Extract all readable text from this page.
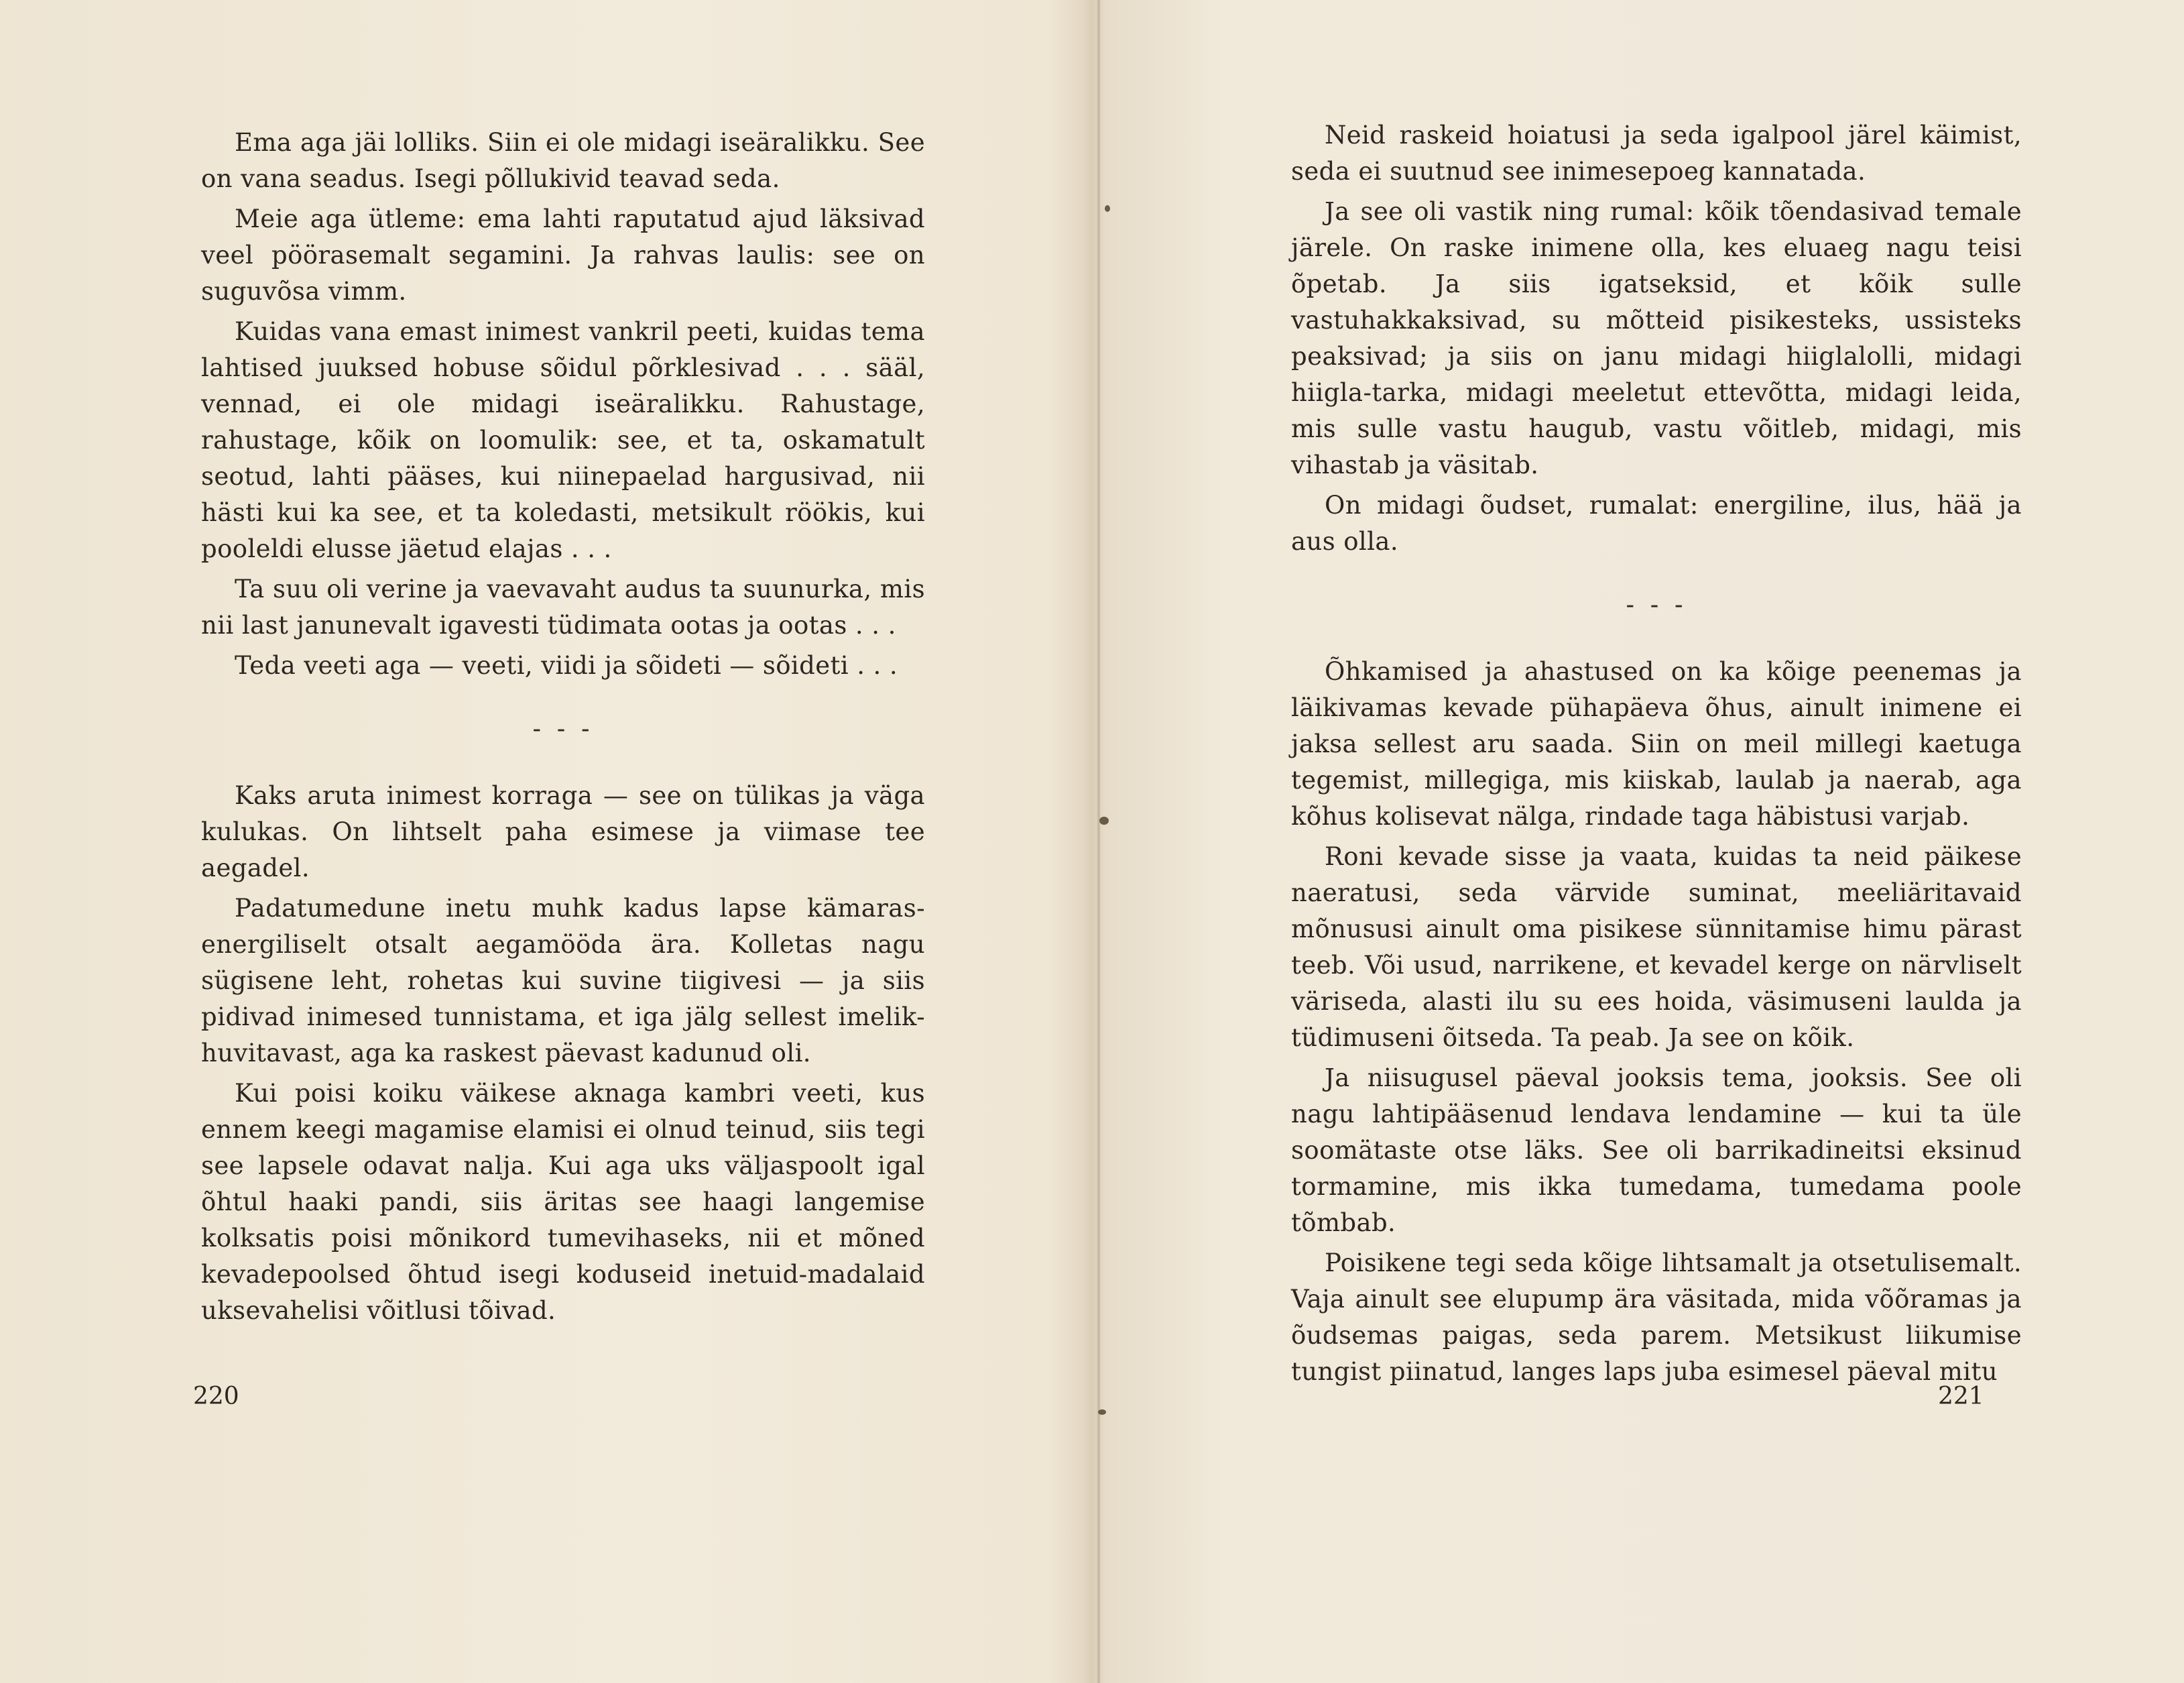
Ema aga jäi lolliks. Siin ei ole midagi iseäralikku. See on vana seadus. Isegi põllukivid teavad seda.

Meie aga ütleme: ema lahti raputatud ajud läksivad veel pöörasemalt segamini. Ja rahvas laulis: see on suguvõsa vimm.

Kuidas vana emast inimest vankril peeti, kuidas tema lahtised juuksed hobuse sõidul põrklesivad . . . sääl, vennad, ei ole midagi iseäralikku. Rahustage, rahustage, kõik on loomulik: see, et ta, oskamatult seotud, lahti pääses, kui niinepaelad hargusivad, nii hästi kui ka see, et ta koledasti, metsikult röökis, kui pooleldi elusse jäetud elajas . . .

Ta suu oli verine ja vaevavaht audus ta suunurka, mis nii last janunevalt igavesti tüdimata ootas ja ootas . . .

Teda veeti aga — veeti, viidi ja sõideti — sõideti . . .

- - -

Kaks aruta inimest korraga — see on tülikas ja väga kulukas. On lihtselt paha esimese ja viimase tee aegadel.

Padatumedune inetu muhk kadus lapse kämaras-energiliselt otsalt aegamööda ära. Kolletas nagu sügisene leht, rohetas kui suvine tiigivesi — ja siis pidivad inimesed tunnistama, et iga jälg sellest imelik-huvitavast, aga ka raskest päevast kadunud oli.

Kui poisi koiku väikese aknaga kambri veeti, kus ennem keegi magamise elamisi ei olnud teinud, siis tegi see lapsele odavat nalja. Kui aga uks väljaspoolt igal õhtul haaki pandi, siis äritas see haagi langemise kolksatis poisi mõnikord tumevihaseks, nii et mõned kevadepoolsed õhtud isegi koduseid inetuid-madalaid uksevahelisi võitlusi tõivad.

220

Neid raskeid hoiatusi ja seda igalpool järel käimist, seda ei suutnud see inimesepoeg kannatada.

Ja see oli vastik ning rumal: kõik tõendasivad temale järele. On raske inimene olla, kes eluaeg nagu teisi õpetab. Ja siis igatseksid, et kõik sulle vastuhakkaksivad, su mõtteid pisikesteks, ussisteks peaksivad; ja siis on janu midagi hiiglalolli, midagi hiigla-tarka, midagi meeletut ettevõtta, midagi leida, mis sulle vastu haugub, vastu võitleb, midagi, mis vihastab ja väsitab.

On midagi õudset, rumalat: energiline, ilus, hää ja aus olla.

- - -

Õhkamised ja ahastused on ka kõige peenemas ja läikivamas kevade pühapäeva õhus, ainult inimene ei jaksa sellest aru saada. Siin on meil millegi kaetuga tegemist, millegiga, mis kiiskab, laulab ja naerab, aga kõhus kolisevat nälga, rindade taga häbistusi varjab.

Roni kevade sisse ja vaata, kuidas ta neid päikese naeratusi, seda värvide suminat, meeliäritavaid mõnususi ainult oma pisikese sünnitamise himu pärast teeb. Või usud, narrikene, et kevadel kerge on närvliselt väriseda, alasti ilu su ees hoida, väsimuseni laulda ja tüdimuseni õitseda. Ta peab. Ja see on kõik.

Ja niisugusel päeval jooksis tema, jooksis. See oli nagu lahtipääsenud lendava lendamine — kui ta üle soomätaste otse läks. See oli barrikadineitsi eksinud tormamine, mis ikka tumedama, tumedama poole tõmbab.

Poisikene tegi seda kõige lihtsamalt ja otsetulisemalt. Vaja ainult see elupump ära väsitada, mida võõramas ja õudsemas paigas, seda parem. Metsikust liikumise tungist piinatud, langes laps juba esimesel päeval mitu

221
